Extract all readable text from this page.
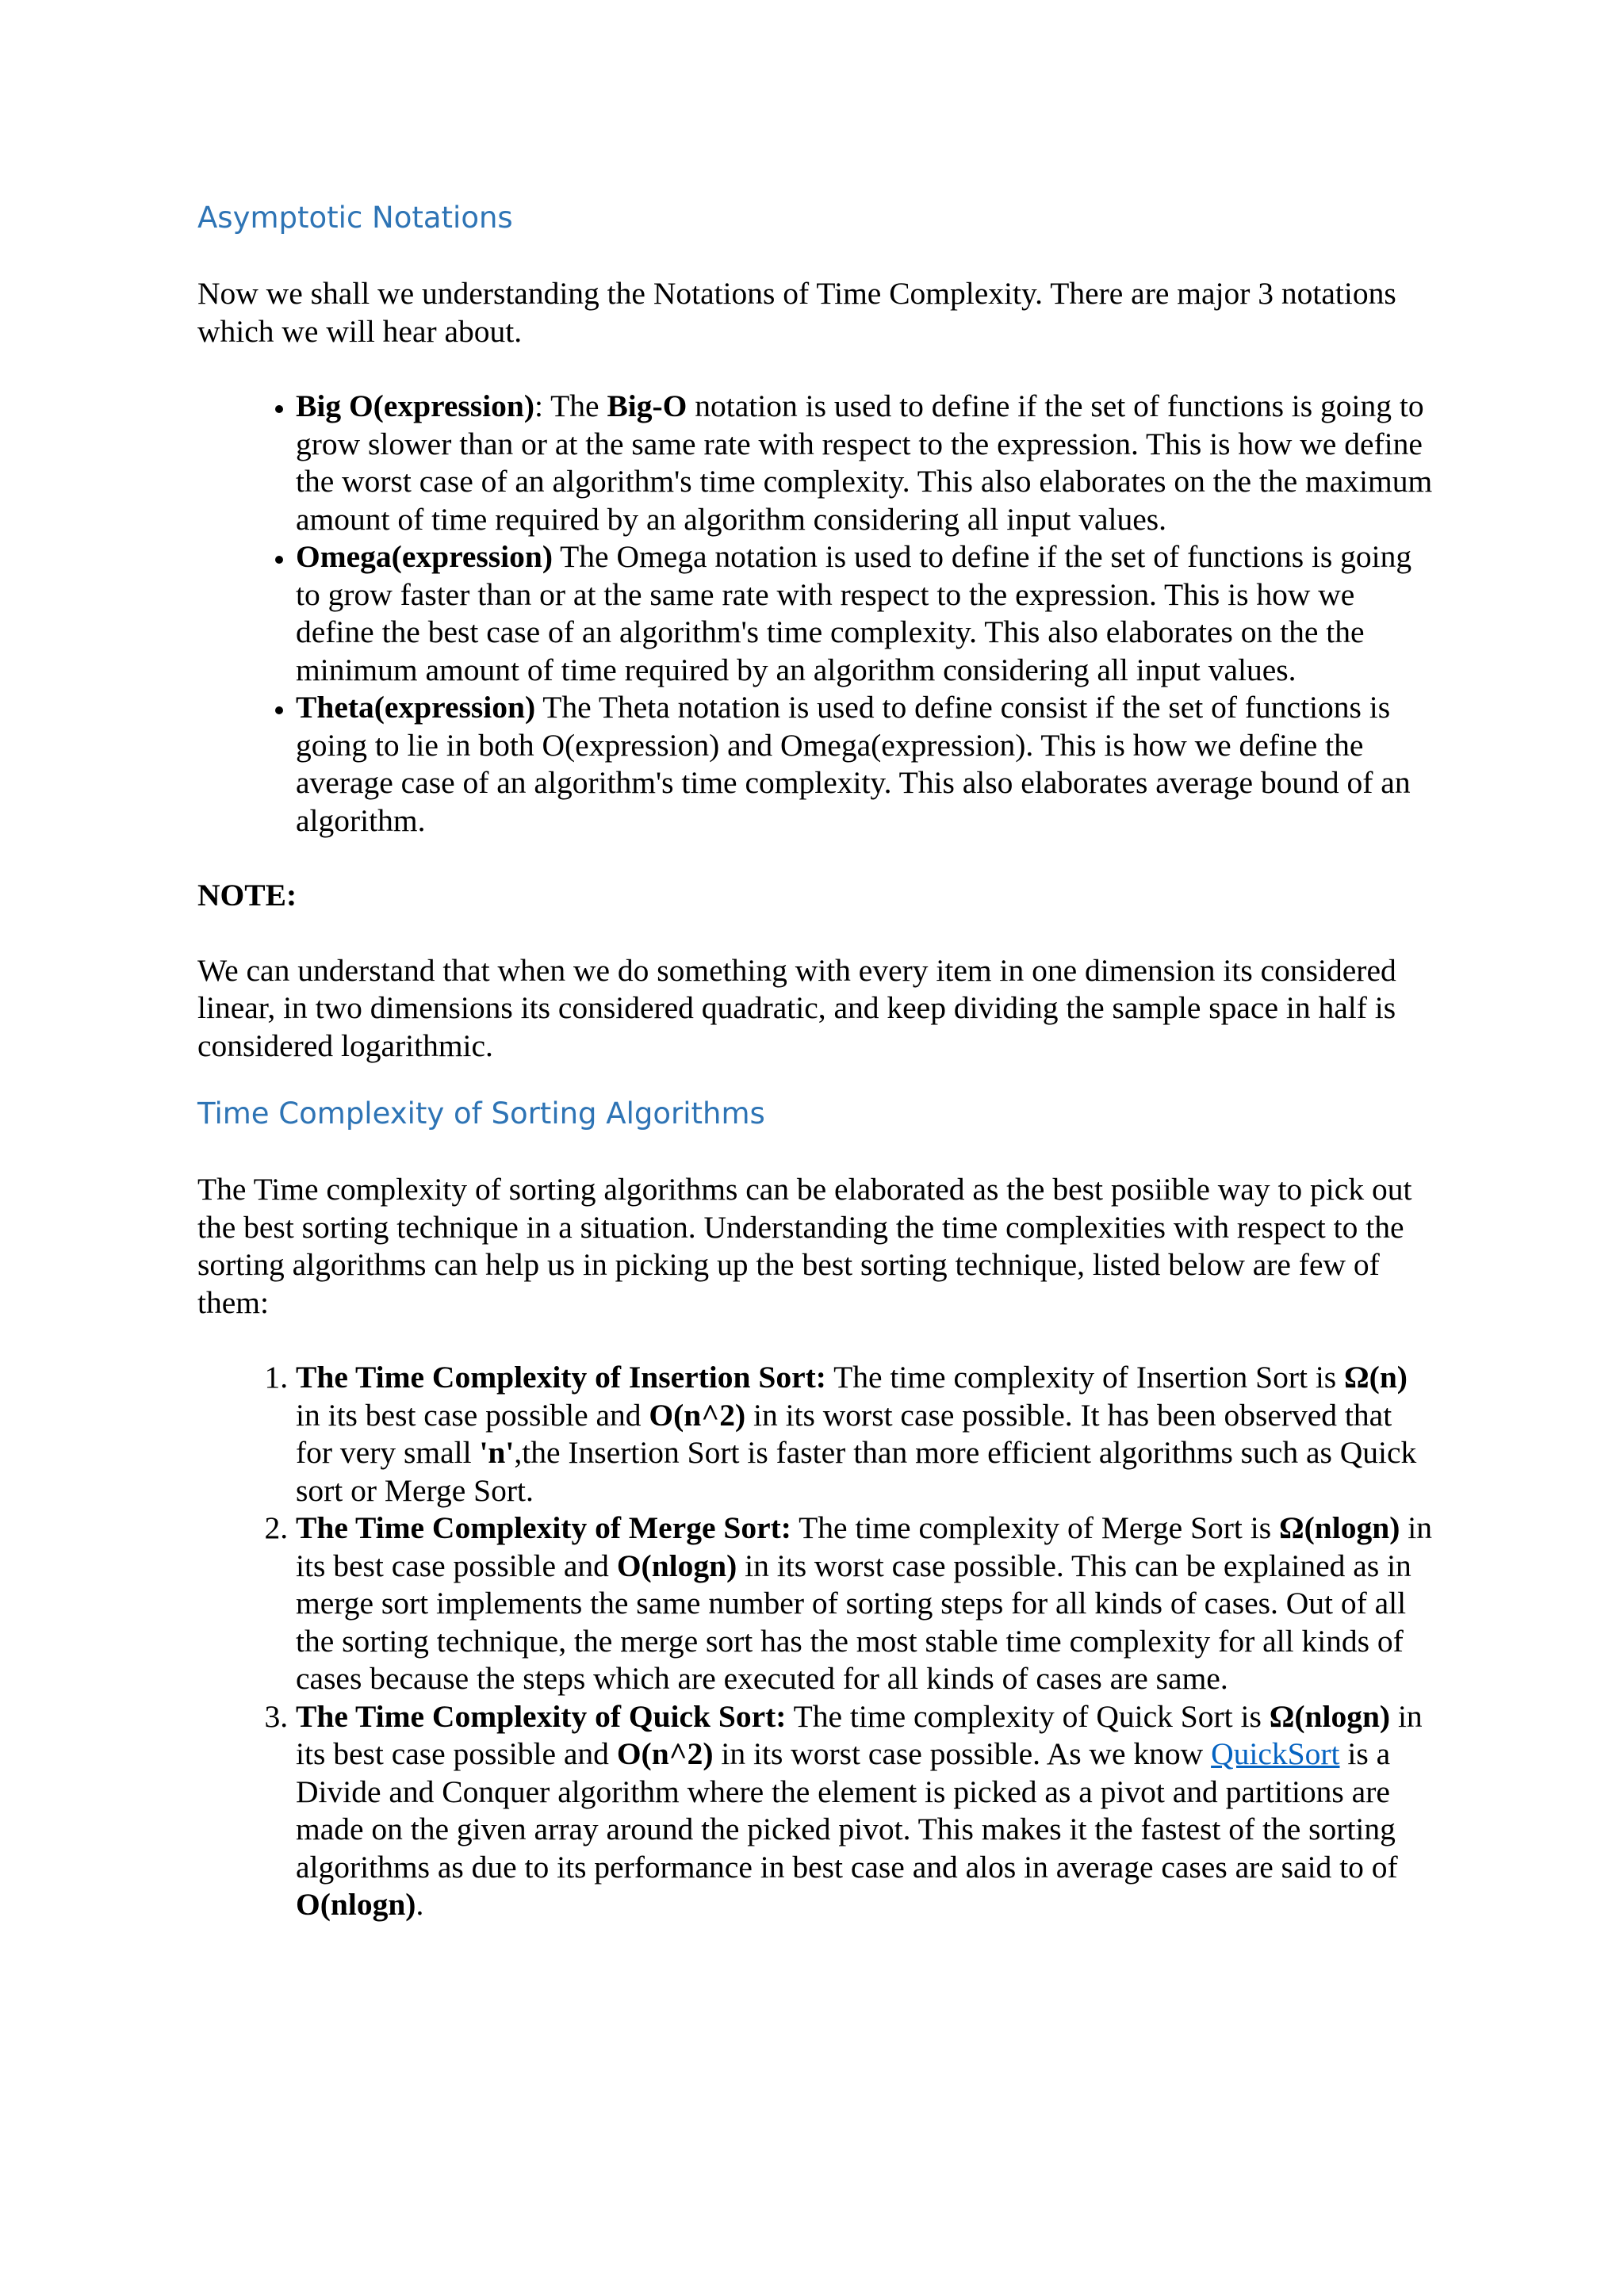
Asymptotic Notations

Now we shall we understanding the Notations of Time Complexity. There are major 3 notations which we will hear about.

• Big O(expression): The Big-O notation is used to define if the set of functions is going to grow slower than or at the same rate with respect to the expression. This is how we define the worst case of an algorithm's time complexity. This also elaborates on the the maximum amount of time required by an algorithm considering all input values.
• Omega(expression) The Omega notation is used to define if the set of functions is going to grow faster than or at the same rate with respect to the expression. This is how we define the best case of an algorithm's time complexity. This also elaborates on the the minimum amount of time required by an algorithm considering all input values.
• Theta(expression) The Theta notation is used to define consist if the set of functions is going to lie in both O(expression) and Omega(expression). This is how we define the average case of an algorithm's time complexity. This also elaborates average bound of an algorithm.

NOTE:

We can understand that when we do something with every item in one dimension its considered linear, in two dimensions its considered quadratic, and keep dividing the sample space in half is considered logarithmic.

Time Complexity of Sorting Algorithms

The Time complexity of sorting algorithms can be elaborated as the best posiible way to pick out the best sorting technique in a situation. Understanding the time complexities with respect to the sorting algorithms can help us in picking up the best sorting technique, listed below are few of them:

1. The Time Complexity of Insertion Sort: The time complexity of Insertion Sort is Ω(n) in its best case possible and O(n^2) in its worst case possible. It has been observed that for very small 'n',the Insertion Sort is faster than more efficient algorithms such as Quick sort or Merge Sort.
2. The Time Complexity of Merge Sort: The time complexity of Merge Sort is Ω(nlogn) in its best case possible and O(nlogn) in its worst case possible. This can be explained as in merge sort implements the same number of sorting steps for all kinds of cases. Out of all the sorting technique, the merge sort has the most stable time complexity for all kinds of cases because the steps which are executed for all kinds of cases are same.
3. The Time Complexity of Quick Sort: The time complexity of Quick Sort is Ω(nlogn) in its best case possible and O(n^2) in its worst case possible. As we know QuickSort is a Divide and Conquer algorithm where the element is picked as a pivot and partitions are made on the given array around the picked pivot. This makes it the fastest of the sorting algorithms as due to its performance in best case and alos in average cases are said to of O(nlogn).
